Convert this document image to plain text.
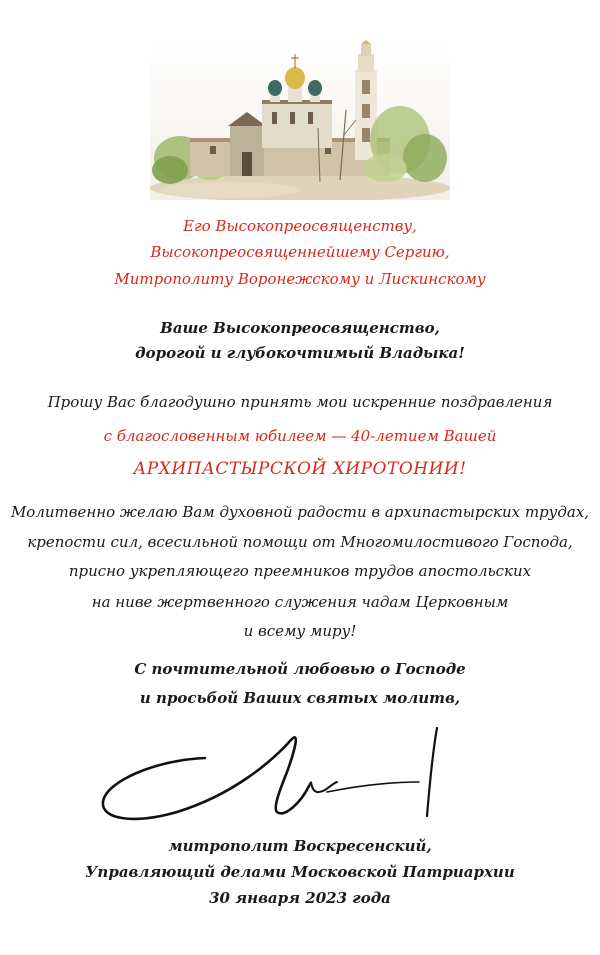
Его Высокопреосвященству,
Высокопреосвященнейшему Сергию,
Митрополиту Воронежскому и Лискинскому
Ваше Высокопреосвященство,
дорогой и глубокочтимый Владыка!
Прошу Вас благодушно принять мои искренние поздравления
с благословенным юбилеем — 40-летием Вашей
АРХИПАСТЫРСКОЙ ХИРОТОНИИ!
Молитвенно желаю Вам духовной радости в архипастырских трудах,
крепости сил, всесильной помощи от Многомилостивого Господа,
присно укрепляющего преемников трудов апостольских
на ниве жертвенного служения чадам Церковным
и всему миру!
С почтительной любовью о Господе
и просьбой Ваших святых молитв,
митрополит Воскресенский,
Управляющий делами Московской Патриархии
30 января 2023 года
